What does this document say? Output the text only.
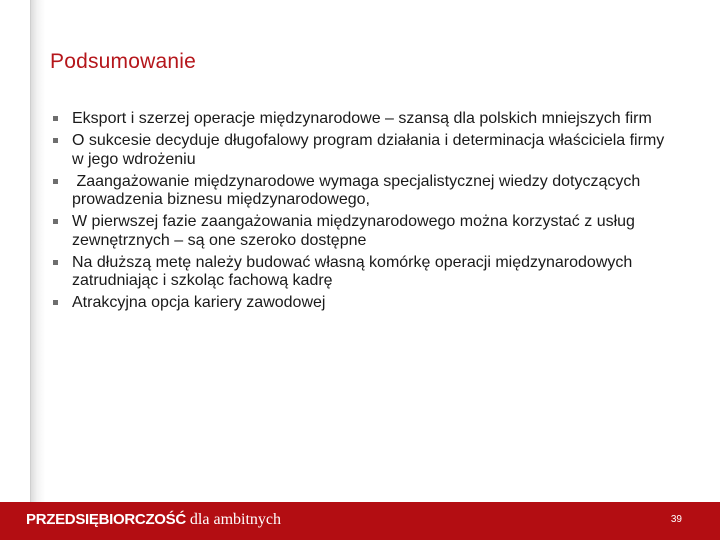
Podsumowanie
Eksport i szerzej operacje międzynarodowe – szansą dla polskich mniejszych firm
O sukcesie decyduje długofalowy program działania i determinacja właściciela firmy w jego wdrożeniu
Zaangażowanie międzynarodowe wymaga specjalistycznej wiedzy dotyczących prowadzenia biznesu międzynarodowego,
W pierwszej fazie zaangażowania międzynarodowego można korzystać z usług zewnętrznych – są one szeroko dostępne
Na dłuższą metę należy budować własną komórkę operacji międzynarodowych zatrudniając i szkoląc fachową kadrę
Atrakcyjna opcja kariery zawodowej
PRZEDSIĘBIORCZOŚĆ dla ambitnych	39
